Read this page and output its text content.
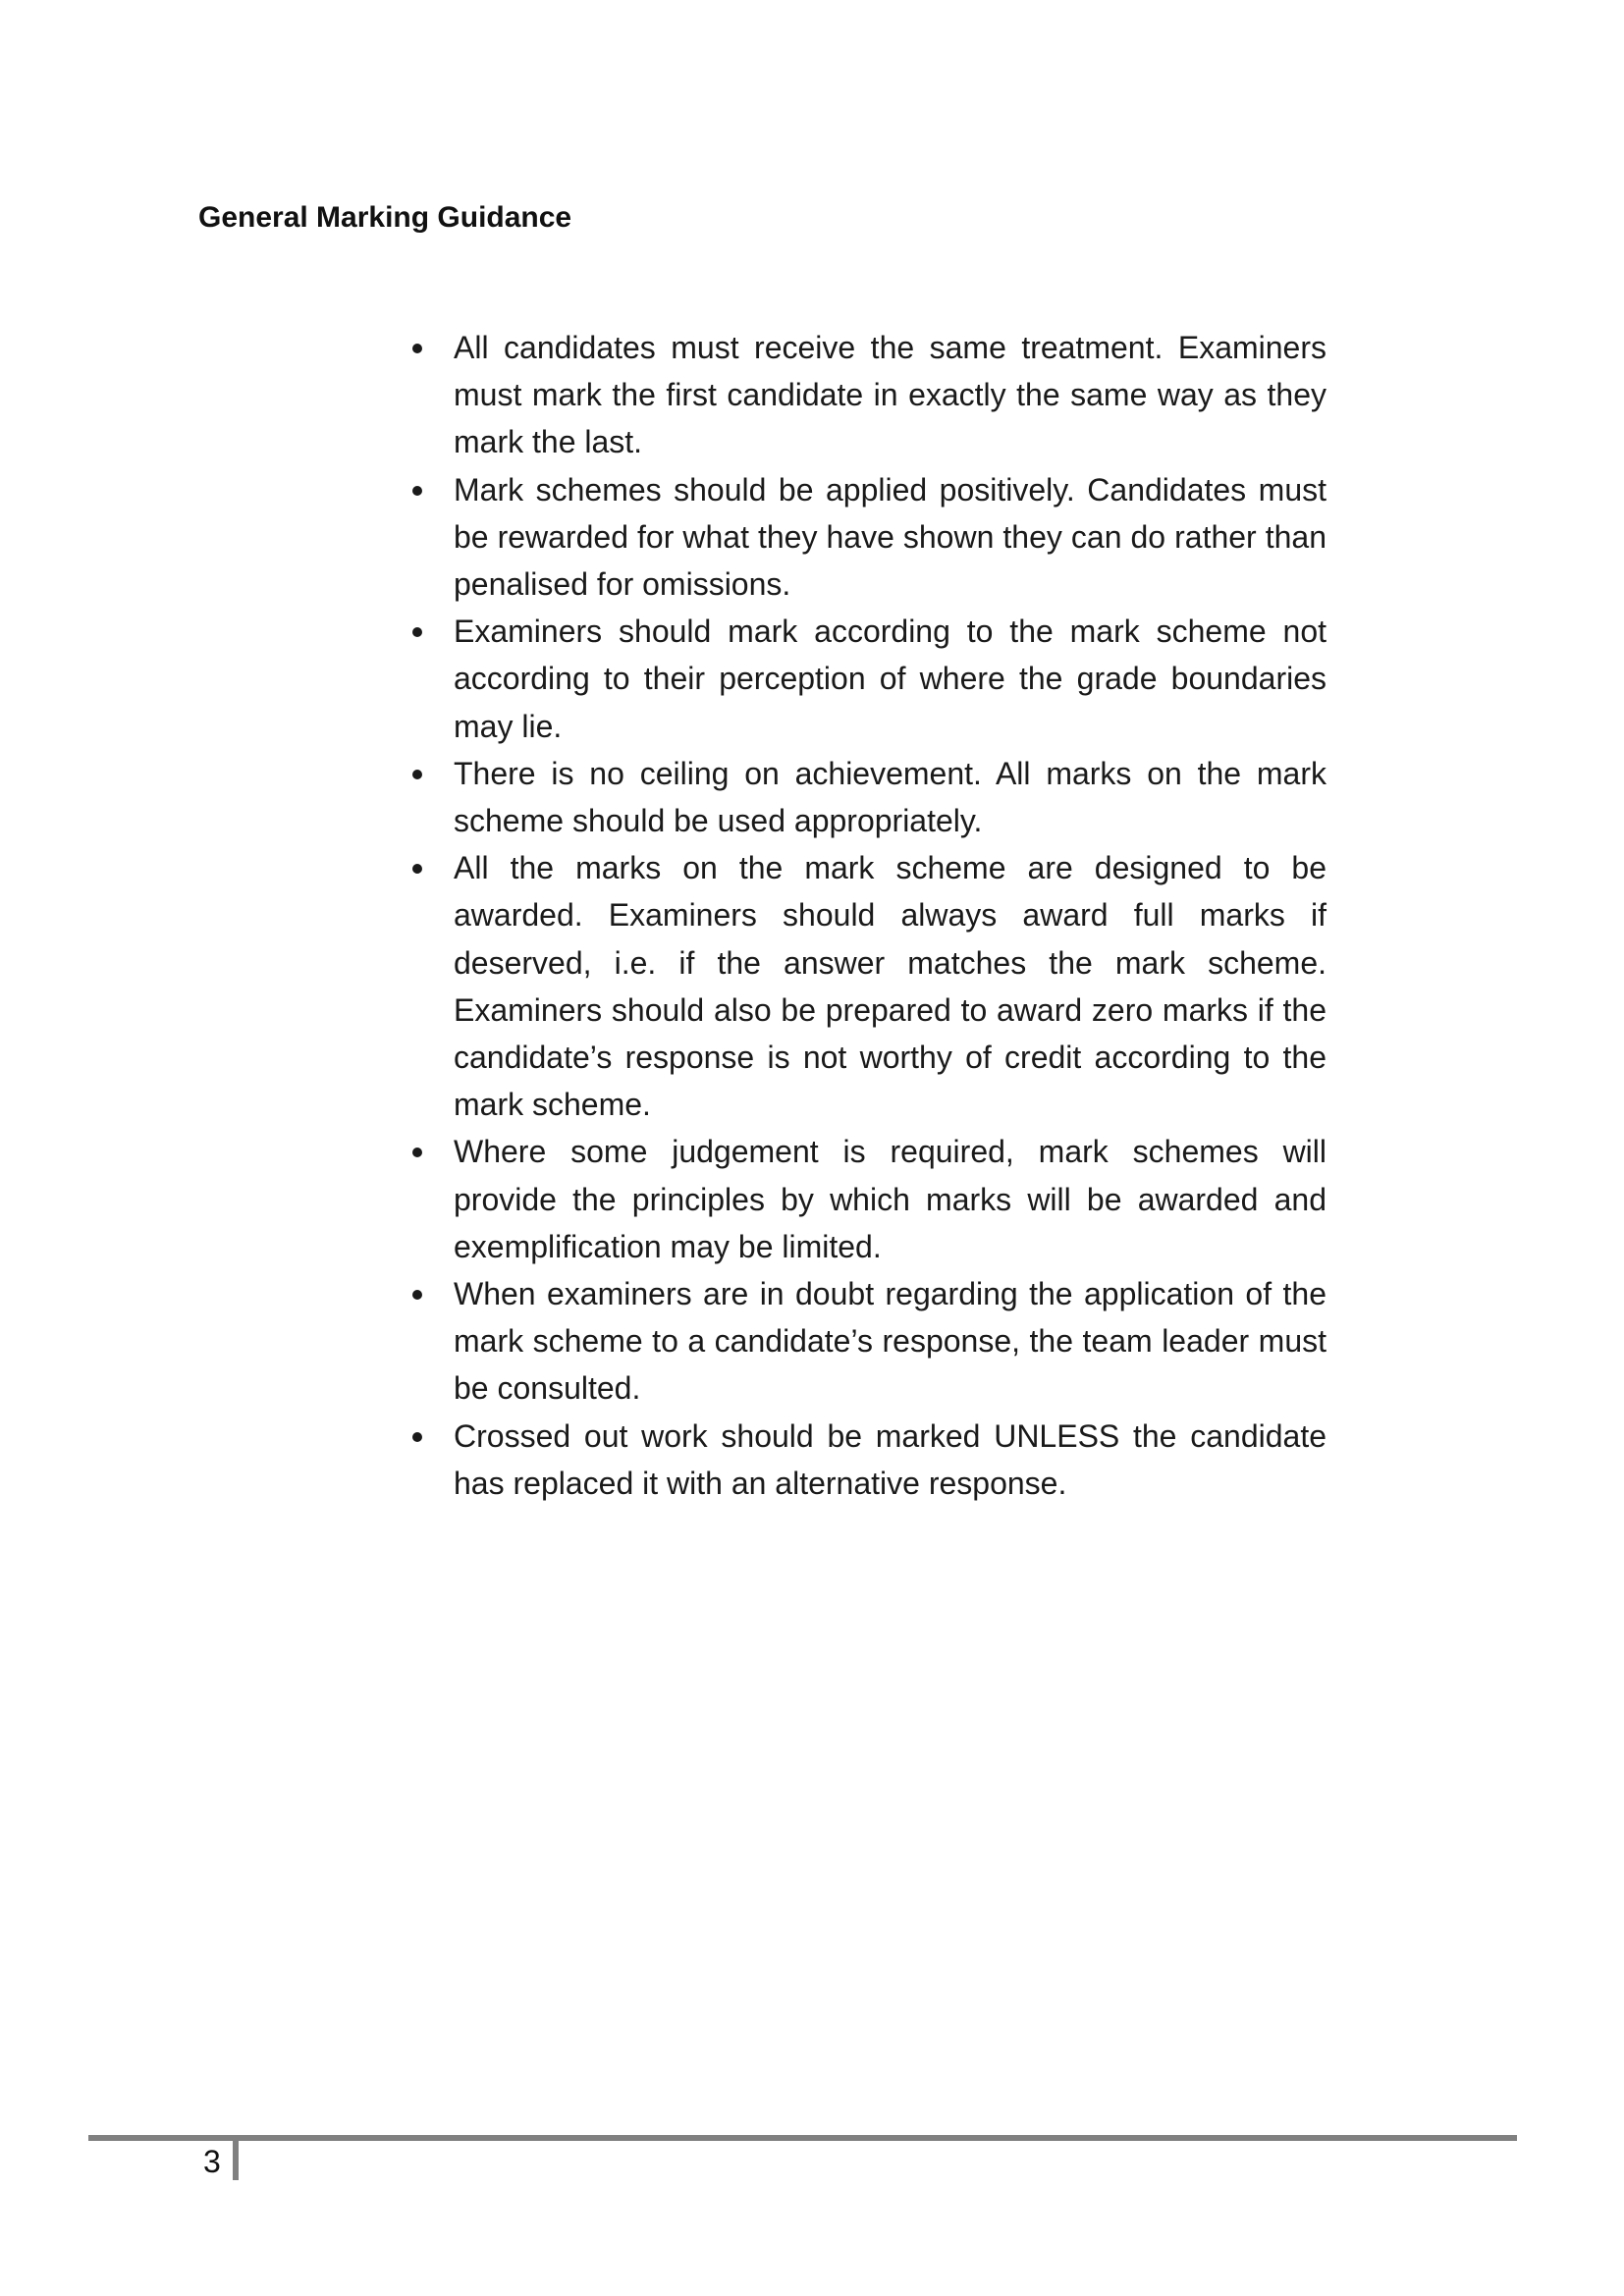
General Marking Guidance
All candidates must receive the same treatment. Examiners must mark the first candidate in exactly the same way as they mark the last.
Mark schemes should be applied positively. Candidates must be rewarded for what they have shown they can do rather than penalised for omissions.
Examiners should mark according to the mark scheme not according to their perception of where the grade boundaries may lie.
There is no ceiling on achievement. All marks on the mark scheme should be used appropriately.
All the marks on the mark scheme are designed to be awarded. Examiners should always award full marks if deserved, i.e. if the answer matches the mark scheme. Examiners should also be prepared to award zero marks if the candidate’s response is not worthy of credit according to the mark scheme.
Where some judgement is required, mark schemes will provide the principles by which marks will be awarded and exemplification may be limited.
When examiners are in doubt regarding the application of the mark scheme to a candidate’s response, the team leader must be consulted.
Crossed out work should be marked UNLESS the candidate has replaced it with an alternative response.
3
